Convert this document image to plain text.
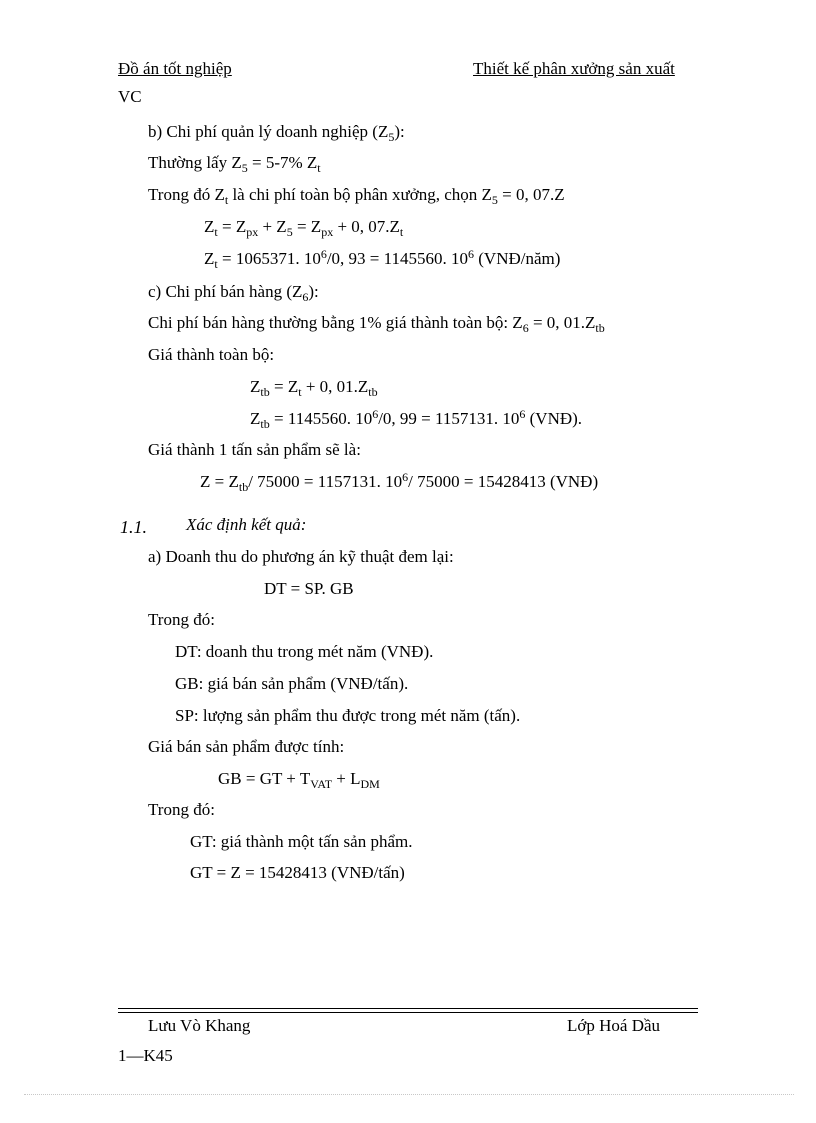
Đồ án tốt nghiệp	Thiết kế phân xưởng sản xuất
VC
b) Chi phí quản lý doanh nghiệp $(Z_5)$:
Thường lấy $Z_5 = 5-7\%$ $Z_t$
Trong đó $Z_t$ là chi phí toàn bộ phân xưởng, chọn $Z_5 = 0$, 07.Z
$Z_t = Z_{px} + Z_5 = Z_{px} + 0$, $07.Z_t$
$Z_t = 1065371$. $10^6/0$, 93 = 1145560. $10^6$ (VNĐ/năm)
c) Chi phí bán hàng $(Z_6)$:
Chi phí bán hàng thường bằng 1% giá thành toàn bộ: $Z_6 = 0$, $01.Z_{tb}$
Giá thành toàn bộ:
$Z_{tb} = Z_t + 0$, $01.Z_{tb}$
$Z_{tb} = 1145560$. $10^6/0$, 99 = 1157131. $10^6$ (VNĐ).
Giá thành 1 tấn sản phẩm sẽ là:
$Z = Z_{tb}/$ 75000 = 1157131. $10^6/$ 75000 = 15428413 (VNĐ)
1.1. Xác định kết quả:
a) Doanh thu do phương án kỹ thuật đem lại:
DT = SP. GB
Trong đó:
DT: doanh thu trong mét năm (VNĐ).
GB: giá bán sản phẩm (VNĐ/tấn).
SP: lượng sản phẩm thu được trong mét năm (tấn).
Giá bán sản phẩm được tính:
GB = GT + $T_{VAT} + L_{DM}$
Trong đó:
GT: giá thành một tấn sản phẩm.
GT = Z = 15428413 (VNĐ/tấn)
Lưu Vò Khang	Lớp Hoá Dầu
1—K45
